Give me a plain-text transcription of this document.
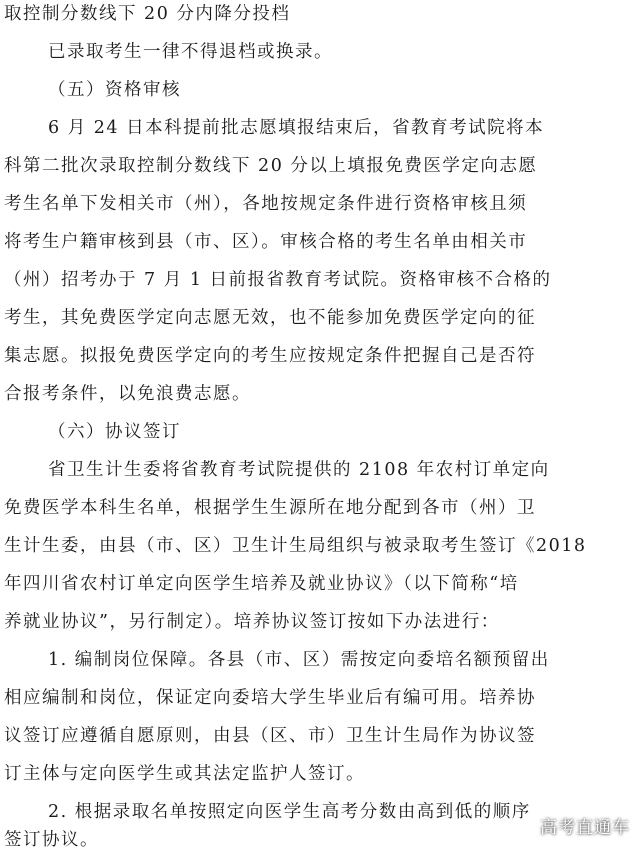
取控制分数线下 20 分内降分投档
已录取考生一律不得退档或换录。
（五）资格审核
6 月 24 日本科提前批志愿填报结束后，省教育考试院将本
科第二批次录取控制分数线下 20 分以上填报免费医学定向志愿
考生名单下发相关市（州），各地按规定条件进行资格审核且须
将考生户籍审核到县（市、区）。审核合格的考生名单由相关市
（州）招考办于 7 月 1 日前报省教育考试院。资格审核不合格的
考生，其免费医学定向志愿无效，也不能参加免费医学定向的征
集志愿。拟报免费医学定向的考生应按规定条件把握自己是否符
合报考条件，以免浪费志愿。
（六）协议签订
省卫生计生委将省教育考试院提供的 2108 年农村订单定向
免费医学本科生名单，根据学生生源所在地分配到各市（州）卫
生计生委，由县（市、区）卫生计生局组织与被录取考生签订《2018
年四川省农村订单定向医学生培养及就业协议》（以下简称“培
养就业协议”，另行制定）。培养协议签订按如下办法进行：
1. 编制岗位保障。各县（市、区）需按定向委培名额预留出
相应编制和岗位，保证定向委培大学生毕业后有编可用。培养协
议签订应遵循自愿原则，由县（区、市）卫生计生局作为协议签
订主体与定向医学生或其法定监护人签订。
2. 根据录取名单按照定向医学生高考分数由高到低的顺序
签订协议。
高考直通车
